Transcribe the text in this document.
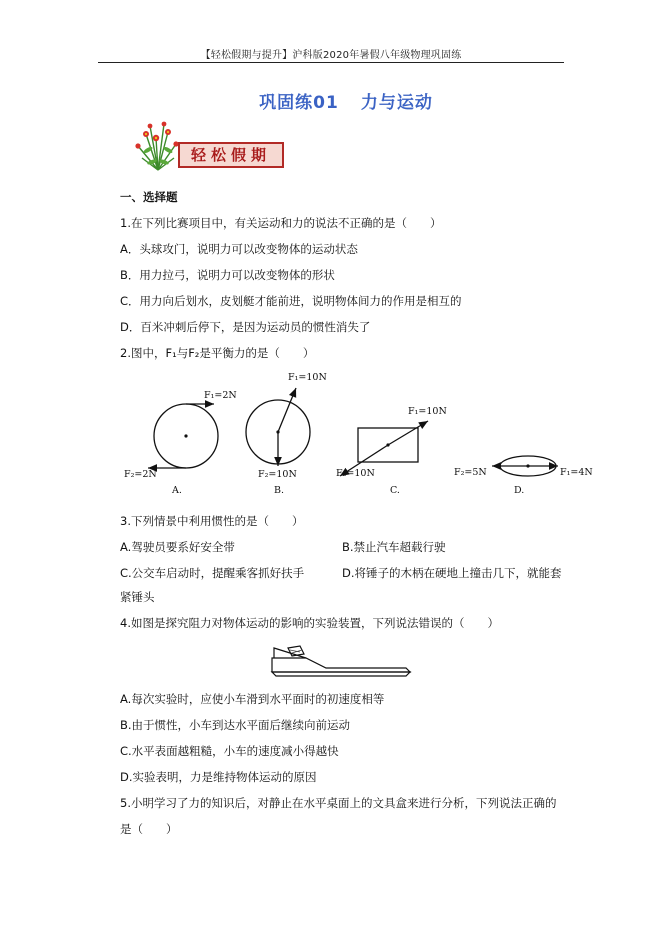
【轻松假期与提升】沪科版2020年暑假八年级物理巩固练
巩固练01 力与运动
轻松假期
一、选择题
1.在下列比赛项目中，有关运动和力的说法不正确的是（　　）
A．头球攻门，说明力可以改变物体的运动状态
B．用力拉弓，说明力可以改变物体的形状
C．用力向后划水，皮划艇才能前进，说明物体间力的作用是相互的
D．百米冲刺后停下，是因为运动员的惯性消失了
2.图中，F₁与F₂是平衡力的是（　　）
F₁=2N
F₂=2N
A.
F₁=10N
F₂=10N
B.
F₁=10N
F₂=10N
C.
F₁=4N
F₂=5N
D.
3.下列情景中利用惯性的是（　　）
A.驾驶员要系好安全带	B.禁止汽车超载行驶
C.公交车启动时，提醒乘客抓好扶手	D.将锤子的木柄在硬地上撞击几下，就能套
紧锤头
4.如图是探究阻力对物体运动的影响的实验装置，下列说法错误的（　　）
A.每次实验时，应使小车滑到水平面时的初速度相等
B.由于惯性，小车到达水平面后继续向前运动
C.水平表面越粗糙，小车的速度减小得越快
D.实验表明，力是维持物体运动的原因
5.小明学习了力的知识后，对静止在水平桌面上的文具盒来进行分析，下列说法正确的
是（　　）
